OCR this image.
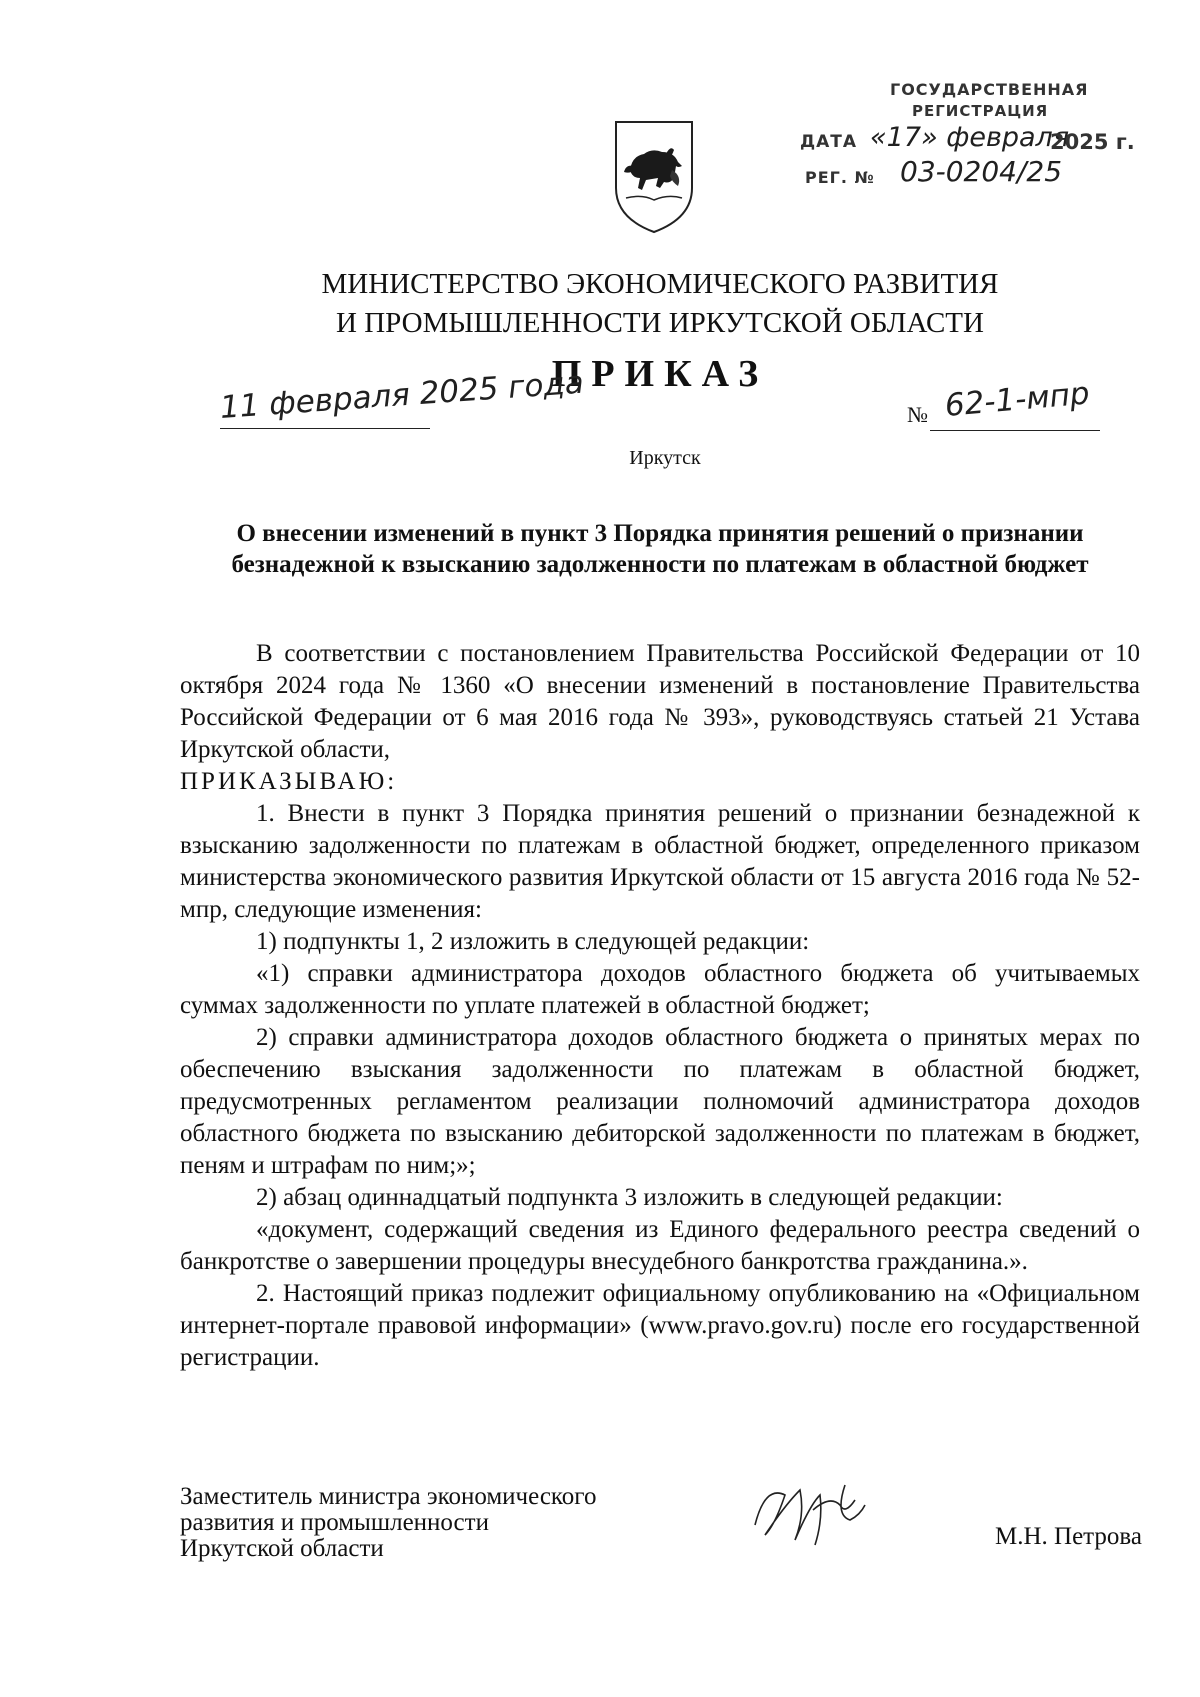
ГОСУДАРСТВЕННАЯ
РЕГИСТРАЦИЯ
ДАТА «17» февраля
2025 г.
РЕГ. № 03-0204/25
МИНИСТЕРСТВО ЭКОНОМИЧЕСКОГО РАЗВИТИЯ
И ПРОМЫШЛЕННОСТИ ИРКУТСКОЙ ОБЛАСТИ
ПРИКАЗ
11 февраля 2025 года	№ 62-1-мпр
Иркутск
О внесении изменений в пункт 3 Порядка принятия решений о признании безнадежной к взысканию задолженности по платежам в областной бюджет

В соответствии с постановлением Правительства Российской Федерации от 10 октября 2024 года № 1360 «О внесении изменений в постановление Правительства Российской Федерации от 6 мая 2016 года № 393», руководствуясь статьей 21 Устава Иркутской области,

ПРИКАЗЫВАЮ:

1. Внести в пункт 3 Порядка принятия решений о признании безнадежной к взысканию задолженности по платежам в областной бюджет, определенного приказом министерства экономического развития Иркутской области от 15 августа 2016 года № 52-мпр, следующие изменения:

1) подпункты 1, 2 изложить в следующей редакции:

«1) справки администратора доходов областного бюджета об учитываемых суммах задолженности по уплате платежей в областной бюджет;

2) справки администратора доходов областного бюджета о принятых мерах по обеспечению взыскания задолженности по платежам в областной бюджет, предусмотренных регламентом реализации полномочий администратора доходов областного бюджета по взысканию дебиторской задолженности по платежам в бюджет, пеням и штрафам по ним;»;

2) абзац одиннадцатый подпункта 3 изложить в следующей редакции:

«документ, содержащий сведения из Единого федерального реестра сведений о банкротстве о завершении процедуры внесудебного банкротства гражданина.».

2. Настоящий приказ подлежит официальному опубликованию на «Официальном интернет-портале правовой информации» (www.pravo.gov.ru) после его государственной регистрации.

Заместитель министра экономического
развития и промышленности
Иркутской области	М.Н. Петрова
